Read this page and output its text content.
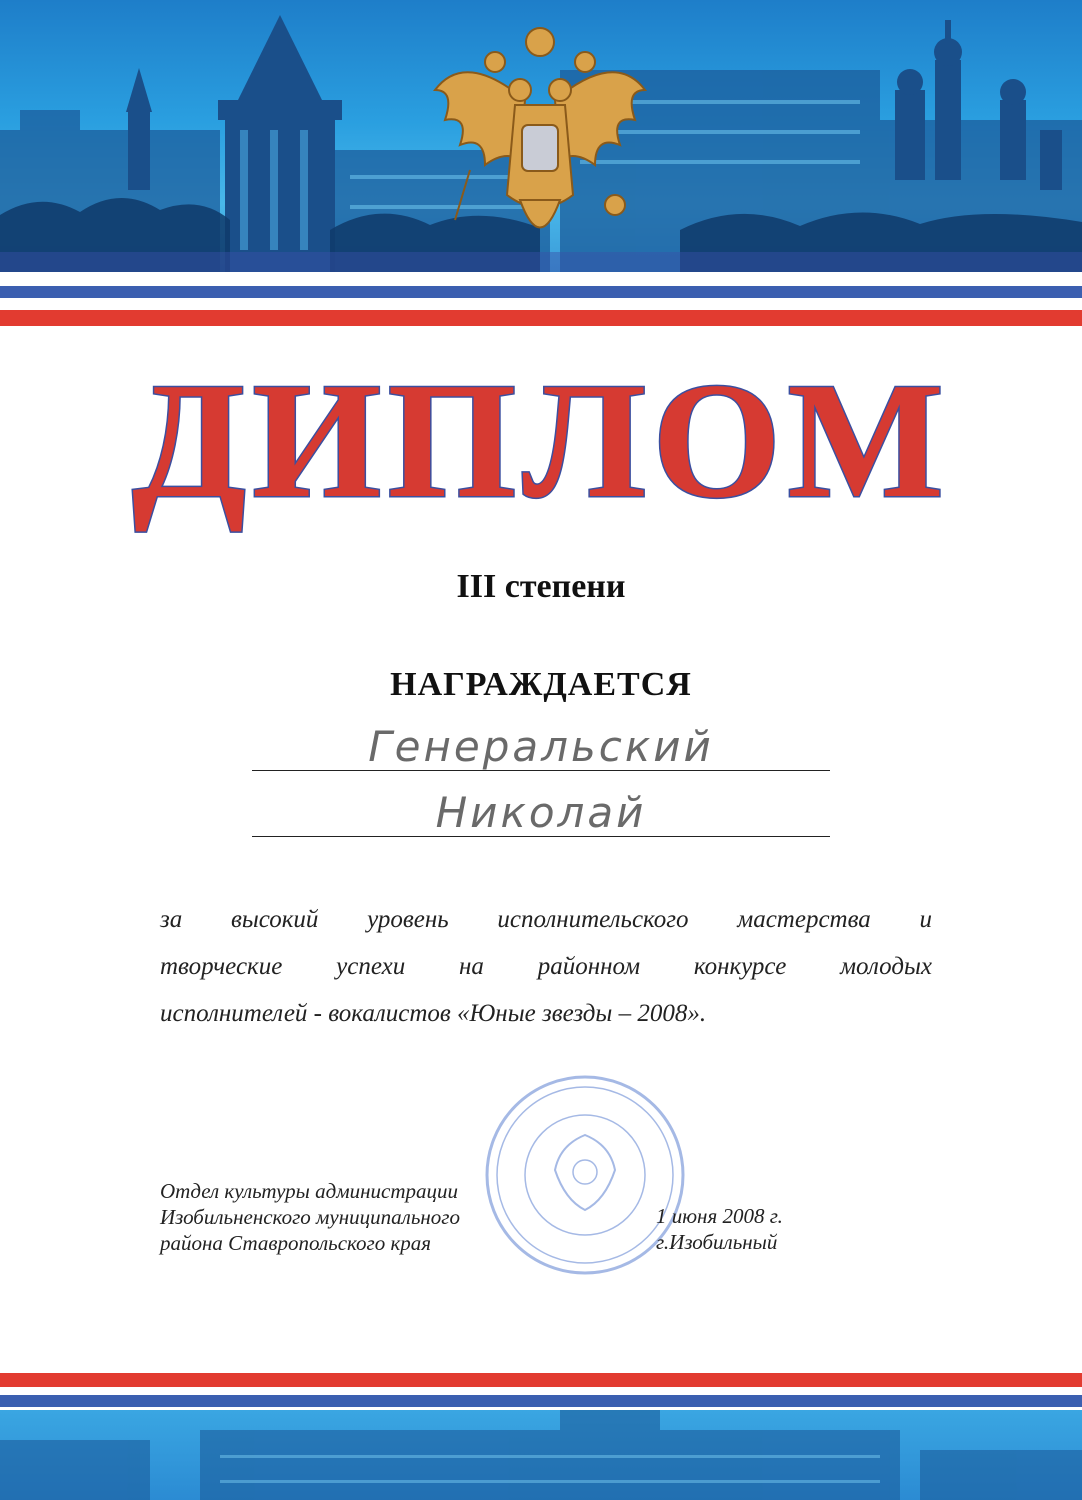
ДИПЛОМ
III степени
НАГРАЖДАЕТСЯ
Генеральский
Николай
за высокий уровень исполнительского мастерства и
творческие успехи на районном конкурсе молодых
исполнителей - вокалистов «Юные звезды – 2008».
Отдел культуры администрации
Изобильненского муниципального
района Ставропольского края
1 июня 2008 г.
г.Изобильный
